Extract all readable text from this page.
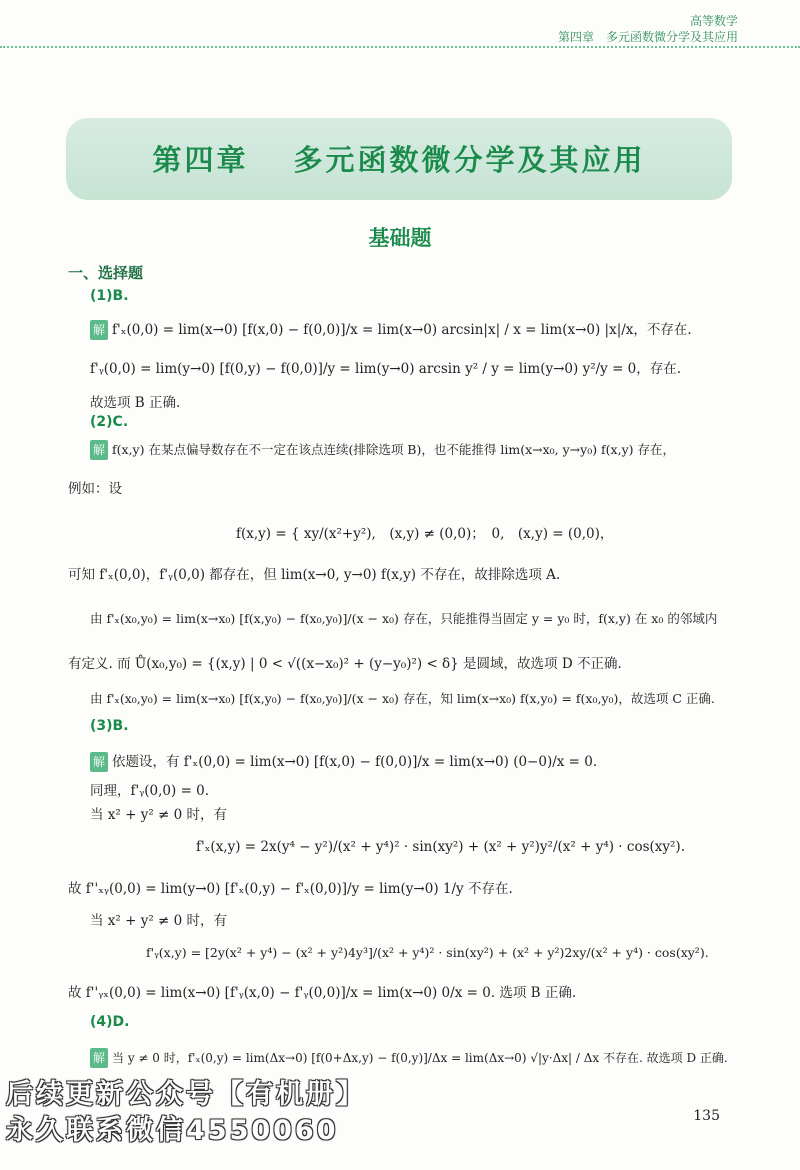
高等数学
第四章　多元函数微分学及其应用
第四章　 多元函数微分学及其应用
基础题
一、选择题
(1)B.
解 f'ₓ(0,0) = lim(x→0) [f(x,0) − f(0,0)]/x = lim(x→0) arcsin|x| / x = lim(x→0) |x|/x，不存在.
f'ᵧ(0,0) = lim(y→0) [f(0,y) − f(0,0)]/y = lim(y→0) arcsin y² / y = lim(y→0) y²/y = 0，存在.
故选项 B 正确.
(2)C.
解 f(x,y) 在某点偏导数存在不一定在该点连续(排除选项 B)，也不能推得 lim(x→x₀, y→y₀) f(x,y) 存在，
例如：设
f(x,y) = { xy/(x²+y²),　(x,y) ≠ (0,0)；　0,　(x,y) = (0,0)，
可知 f'ₓ(0,0)，f'ᵧ(0,0) 都存在，但 lim(x→0, y→0) f(x,y) 不存在，故排除选项 A.
由 f'ₓ(x₀,y₀) = lim(x→x₀) [f(x,y₀) − f(x₀,y₀)]/(x − x₀) 存在，只能推得当固定 y = y₀ 时，f(x,y) 在 x₀ 的邻域内
有定义. 而 Ů(x₀,y₀) = {(x,y) | 0 < √((x−x₀)² + (y−y₀)²) < δ} 是圆域，故选项 D 不正确.
由 f'ₓ(x₀,y₀) = lim(x→x₀) [f(x,y₀) − f(x₀,y₀)]/(x − x₀) 存在，知 lim(x→x₀) f(x,y₀) = f(x₀,y₀)，故选项 C 正确.
(3)B.
解 依题设，有 f'ₓ(0,0) = lim(x→0) [f(x,0) − f(0,0)]/x = lim(x→0) (0−0)/x = 0.
同理，f'ᵧ(0,0) = 0.
当 x² + y² ≠ 0 时，有
f'ₓ(x,y) = 2x(y⁴ − y²)/(x² + y⁴)² · sin(xy²) + (x² + y²)y²/(x² + y⁴) · cos(xy²).
故 f''ₓᵧ(0,0) = lim(y→0) [f'ₓ(0,y) − f'ₓ(0,0)]/y = lim(y→0) 1/y 不存在.
当 x² + y² ≠ 0 时，有
f'ᵧ(x,y) = [2y(x² + y⁴) − (x² + y²)4y³]/(x² + y⁴)² · sin(xy²) + (x² + y²)2xy/(x² + y⁴) · cos(xy²).
故 f''ᵧₓ(0,0) = lim(x→0) [f'ᵧ(x,0) − f'ᵧ(0,0)]/x = lim(x→0) 0/x = 0. 选项 B 正确.
(4)D.
解 当 y ≠ 0 时，f'ₓ(0,y) = lim(Δx→0) [f(0+Δx,y) − f(0,y)]/Δx = lim(Δx→0) √|y·Δx| / Δx 不存在. 故选项 D 正确.
135
后续更新公众号【有机册】
永久联系微信4550060
